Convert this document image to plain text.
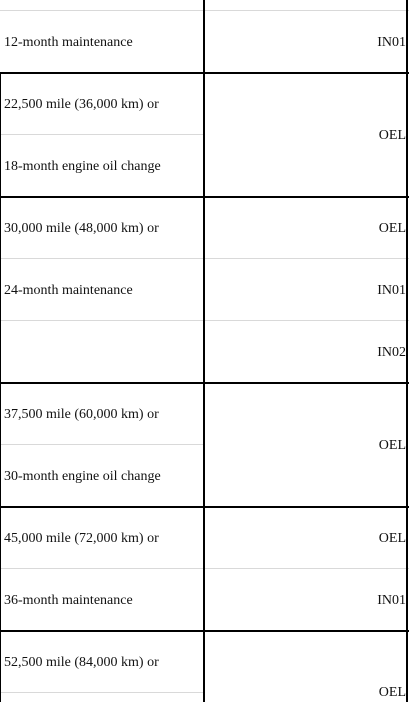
12-month maintenance	IN01
22,500 mile (36,000 km) or
18-month engine oil change
OEL
30,000 mile (48,000 km) or
24-month maintenance
OEL
IN01
IN02
37,500 mile (60,000 km) or
30-month engine oil change
OEL
45,000 mile (72,000 km) or
36-month maintenance
OEL
IN01
52,500 mile (84,000 km) or
OEL
